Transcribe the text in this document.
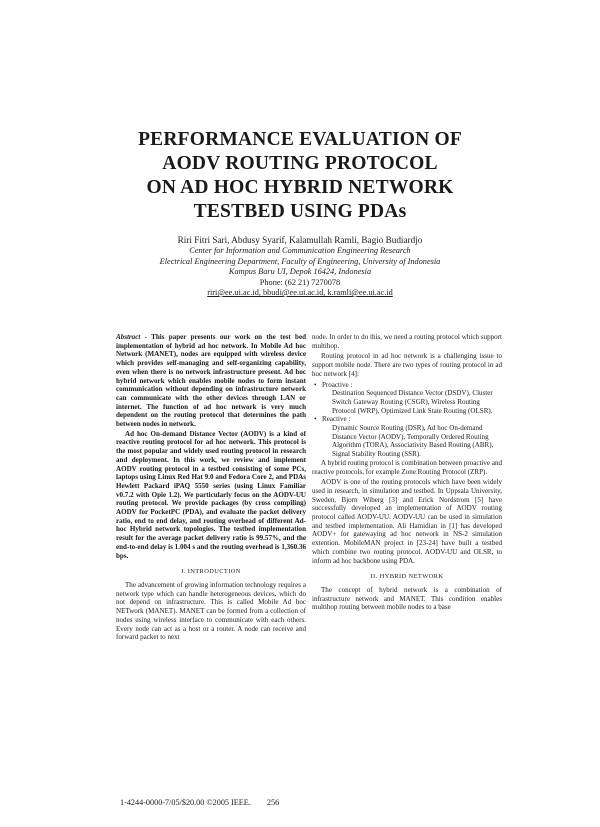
PERFORMANCE EVALUATION OF
AODV ROUTING PROTOCOL
ON AD HOC HYBRID NETWORK
TESTBED USING PDAs
Riri Fitri Sari, Abdusy Syarif, Kalamullah Ramli, Bagio Budiardjo
Center for Information and Communication Engineering Research
Electrical Engineering Department, Faculty of Engineering, University of Indonesia
Kampus Baru UI, Depok 16424, Indonesia
Phone: (62 21) 7270078
riri@ee.ui.ac.id, bbudi@ee.ui.ac.id, k.ramli@ee.ui.ac.id

Abstract - This paper presents our work on the test bed implementation of hybrid ad hoc network. In Mobile Ad hoc Network (MANET), nodes are equipped with wireless device which provides self-managing and self-organizing capability, even when there is no network infrastructure present. Ad hoc hybrid network which enables mobile nodes to form instant communication without depending on infrastructure network can communicate with the other devices through LAN or internet. The function of ad hoc network is very much dependent on the routing protocol that determines the path between nodes in network.

Ad hoc On-demand Distance Vector (AODV) is a kind of reactive routing protocol for ad hoc network. This protocol is the most popular and widely used routing protocol in research and deployment. In this work, we review and implement AODV routing protocol in a testbed consisting of some PCs, laptops using Linux Red Hat 9.0 and Fedora Core 2, and PDAs Hewlett Packard iPAQ 5550 series (using Linux Familiar v0.7.2 with Opie 1.2). We particularly focus on the AODV-UU routing protocol. We provide packages (by cross compiling) AODV for PocketPC (PDA), and evaluate the packet delivery ratio, end to end delay, and routing overhead of different Ad-hoc Hybrid network topologies. The testbed implementation result for the average packet delivery ratio is 99.57%, and the end-to-end delay is 1.004 s and the routing overhead is 1,360.36 bps.

I. INTRODUCTION

The advancement of growing information technology requires a network type which can handle heterogeneous devices, which do not depend on infrastructure. This is called Mobile Ad hoc NETwork (MANET). MANET can be formed from a collection of nodes using wireless interface to communicate with each others. Every node can act as a host or a router. A node can receive and forward packet to next

node. In order to do this, we need a routing protocol which support multihop.

Routing protocol in ad hoc network is a challenging issue to support mobile node. There are two types of routing protocol in ad hoc network [4]:

• Proactive :
Destination Sequenced Distance Vector (DSDV), Cluster Switch Gateway Routing (CSGR), Wireless Routing Protocol (WRP), Optimized Link State Routing (OLSR).
• Reactive :
Dynamic Source Routing (DSR), Ad hoc On-demand Distance Vector (AODV), Temporally Ordered Routing Algorithm (TORA), Associativity Based Routing (ABR), Signal Stability Routing (SSR).

A hybrid routing protocol is combination between proactive and reactive protocols, for example Zone Routing Protocol (ZRP).

AODV is one of the routing protocols which have been widely used in research, in simulation and testbed. In Uppsala University, Sweden, Bjorn Wiberg [3] and Erick Nordstrom [5] have successfully developed an implementation of AODV routing protocol called AODV-UU. AODV-UU can be used in simulation and testbed implementation. Ali Hamidian in [1] has developed AODV+ for gatewaying ad hoc network in NS-2 simulation extention. MobileMAN project in [23-24] have built a testbed which combine two routing protocol, AODV-UU and OLSR, to inform ad hoc backbone using PDA.

II. HYBRID NETWORK

The concept of hybrid network is a combination of infrastructure network and MANET. This condition enables multihop routing between mobile nodes to a base

1-4244-0000-7/05/$20.00 ©2005 IEEE. 256
